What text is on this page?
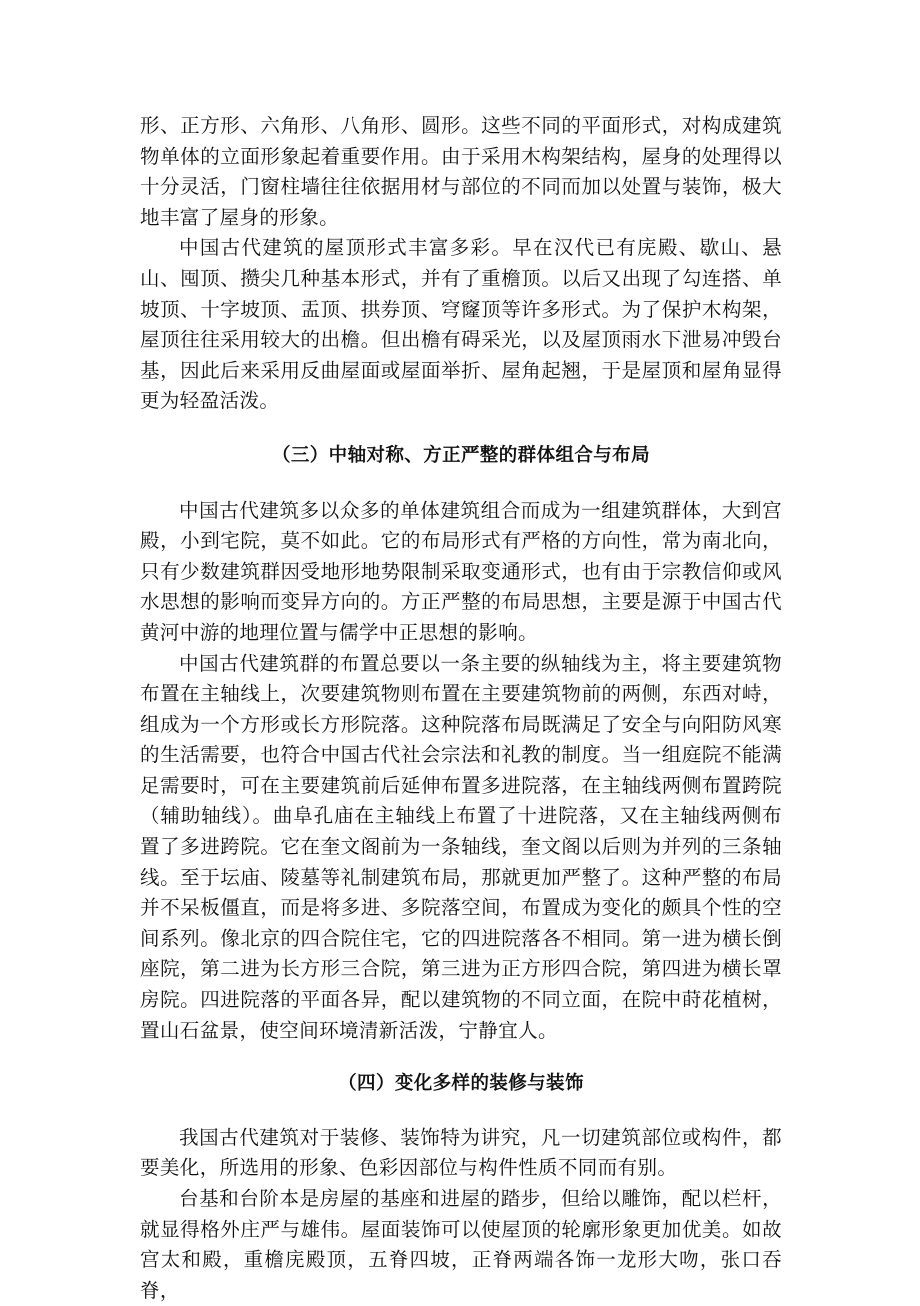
形、正方形、六角形、八角形、圆形。这些不同的平面形式，对构成建筑物单体的立面形象起着重要作用。由于采用木构架结构，屋身的处理得以十分灵活，门窗柱墙往往依据用材与部位的不同而加以处置与装饰，极大地丰富了屋身的形象。

中国古代建筑的屋顶形式丰富多彩。早在汉代已有庑殿、歇山、悬山、囤顶、攒尖几种基本形式，并有了重檐顶。以后又出现了勾连搭、单坡顶、十字坡顶、盂顶、拱券顶、穹窿顶等许多形式。为了保护木构架，屋顶往往采用较大的出檐。但出檐有碍采光，以及屋顶雨水下泄易冲毁台基，因此后来采用反曲屋面或屋面举折、屋角起翘，于是屋顶和屋角显得更为轻盈活泼。

（三）中轴对称、方正严整的群体组合与布局

中国古代建筑多以众多的单体建筑组合而成为一组建筑群体，大到宫殿，小到宅院，莫不如此。它的布局形式有严格的方向性，常为南北向，只有少数建筑群因受地形地势限制采取变通形式，也有由于宗教信仰或风水思想的影响而变异方向的。方正严整的布局思想，主要是源于中国古代黄河中游的地理位置与儒学中正思想的影响。

中国古代建筑群的布置总要以一条主要的纵轴线为主，将主要建筑物布置在主轴线上，次要建筑物则布置在主要建筑物前的两侧，东西对峙，组成为一个方形或长方形院落。这种院落布局既满足了安全与向阳防风寒的生活需要，也符合中国古代社会宗法和礼教的制度。当一组庭院不能满足需要时，可在主要建筑前后延伸布置多进院落，在主轴线两侧布置跨院（辅助轴线）。曲阜孔庙在主轴线上布置了十进院落，又在主轴线两侧布置了多进跨院。它在奎文阁前为一条轴线，奎文阁以后则为并列的三条轴线。至于坛庙、陵墓等礼制建筑布局，那就更加严整了。这种严整的布局并不呆板僵直，而是将多进、多院落空间，布置成为变化的颇具个性的空间系列。像北京的四合院住宅，它的四进院落各不相同。第一进为横长倒座院，第二进为长方形三合院，第三进为正方形四合院，第四进为横长罩房院。四进院落的平面各异，配以建筑物的不同立面，在院中莳花植树，置山石盆景，使空间环境清新活泼，宁静宜人。

（四）变化多样的装修与装饰

我国古代建筑对于装修、装饰特为讲究，凡一切建筑部位或构件，都要美化，所选用的形象、色彩因部位与构件性质不同而有别。

台基和台阶本是房屋的基座和进屋的踏步，但给以雕饰，配以栏杆，就显得格外庄严与雄伟。屋面装饰可以使屋顶的轮廓形象更加优美。如故宫太和殿，重檐庑殿顶，五脊四坡，正脊两端各饰一龙形大吻，张口吞脊，
